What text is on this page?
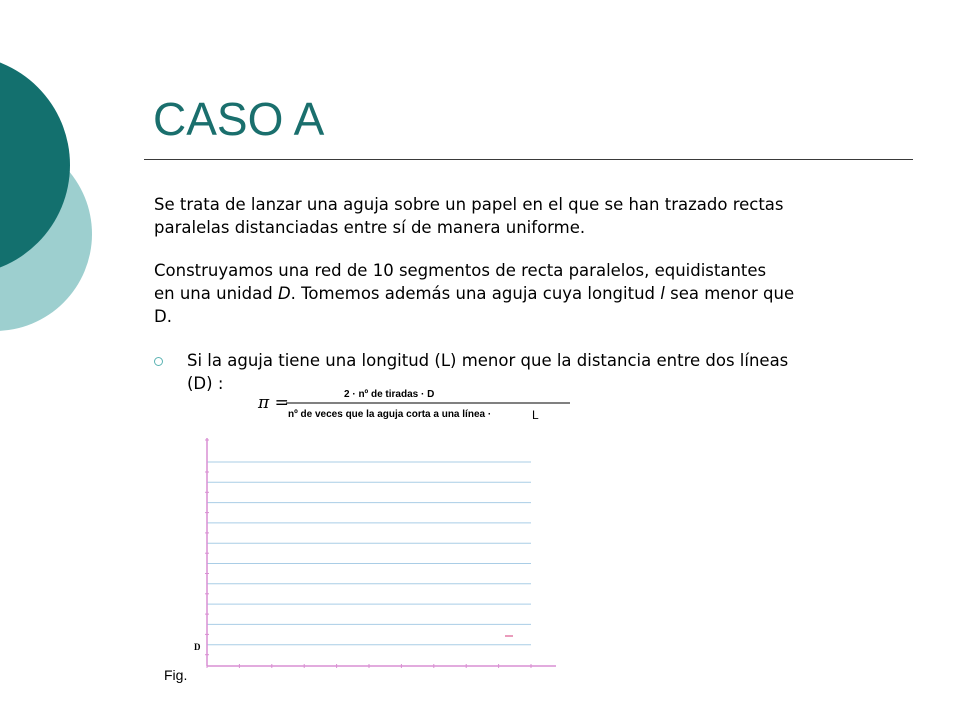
CASO A

Se trata de lanzar una aguja sobre un papel en el que se han trazado rectas
paralelas distanciadas entre sí de manera uniforme.

Construyamos una red de 10 segmentos de recta paralelos, equidistantes
en una unidad D. Tomemos además una aguja cuya longitud l sea menor que
D.

Si la aguja tiene una longitud (L) menor que la distancia entre dos líneas
(D) :
π =	2 · nº de tiradas · D
nº de veces que la aguja corta a una línea ·	L
D
Fig.
